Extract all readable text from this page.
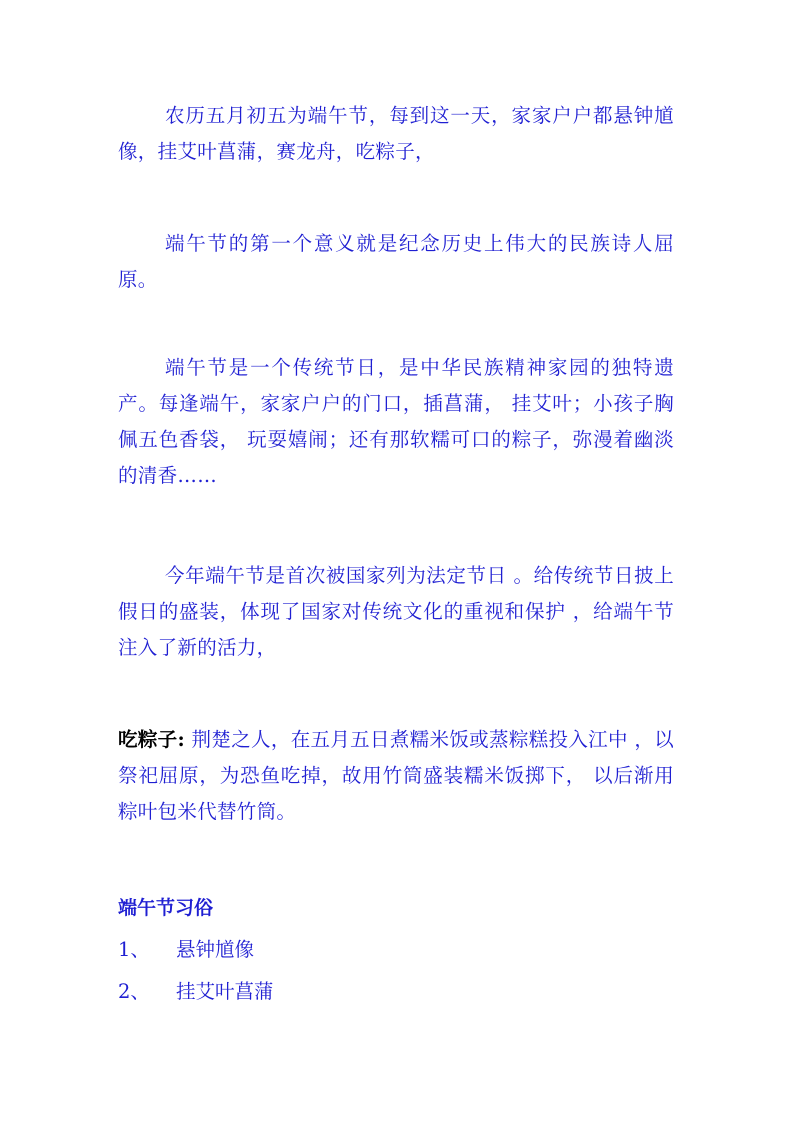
农历五月初五为端午节，每到这一天，家家户户都悬钟馗像，挂艾叶菖蒲，赛龙舟，吃粽子，

端午节的第一个意义就是纪念历史上伟大的民族诗人屈原。

端午节是一个传统节日，是中华民族精神家园的独特遗产。每逢端午，家家户户的门口，插菖蒲， 挂艾叶；小孩子胸佩五色香袋， 玩耍嬉闹；还有那软糯可口的粽子，弥漫着幽淡的清香……

今年端午节是首次被国家列为法定节日 。给传统节日披上假日的盛装，体现了国家对传统文化的重视和保护 ，给端午节注入了新的活力，

吃粽子: 荆楚之人，在五月五日煮糯米饭或蒸粽糕投入江中 ，以祭祀屈原，为恐鱼吃掉，故用竹筒盛装糯米饭掷下， 以后渐用粽叶包米代替竹筒。

端午节习俗

1、 悬钟馗像

2、 挂艾叶菖蒲
